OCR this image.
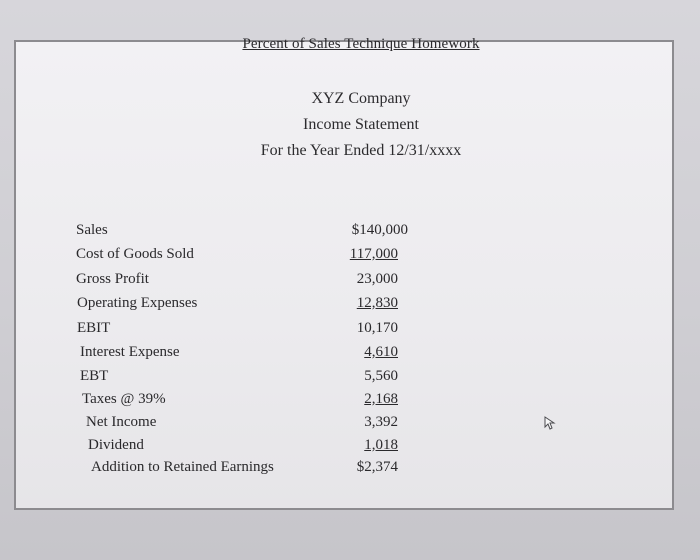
Percent of Sales Technique Homework
XYZ Company
Income Statement
For the Year Ended 12/31/xxxx
Sales
Cost of Goods Sold
Gross Profit
Operating Expenses
EBIT
Interest Expense
EBT
Taxes @ 39%
Net Income
Dividend
Addition to Retained Earnings
$140,000
117,000
23,000
12,830
10,170
4,610
5,560
2,168
3,392
1,018
$2,374
